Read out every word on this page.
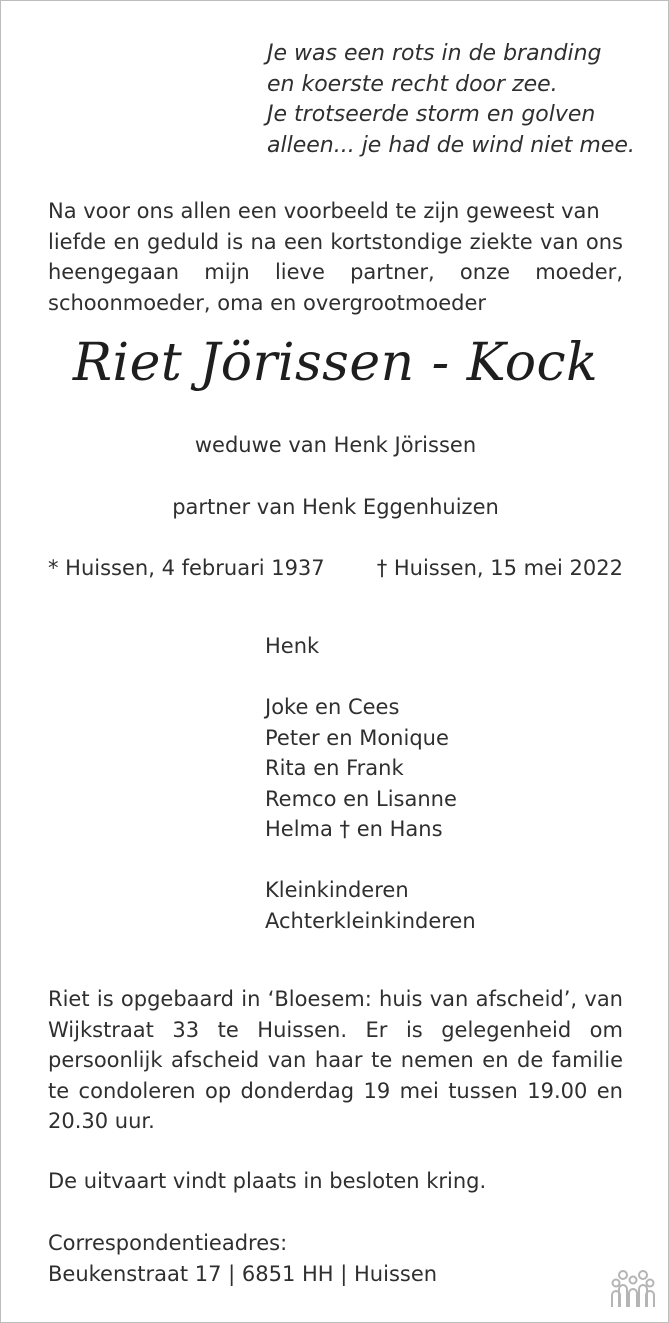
Je was een rots in de branding
en koerste recht door zee.
Je trotseerde storm en golven
alleen... je had de wind niet mee.
Na voor ons allen een voorbeeld te zijn geweest van
liefde en geduld is na een kortstondige ziekte van ons
heengegaan mijn lieve partner, onze moeder,
schoonmoeder, oma en overgrootmoeder
Riet Jörissen - Kock
weduwe van Henk Jörissen
partner van Henk Eggenhuizen
* Huissen, 4 februari 1937 † Huissen, 15 mei 2022
Henk
Joke en Cees
Peter en Monique
Rita en Frank
Remco en Lisanne
Helma † en Hans
Kleinkinderen
Achterkleinkinderen
Riet is opgebaard in ‘Bloesem: huis van afscheid’, van
Wijkstraat 33 te Huissen. Er is gelegenheid om
persoonlijk afscheid van haar te nemen en de familie
te condoleren op donderdag 19 mei tussen 19.00 en
20.30 uur.
De uitvaart vindt plaats in besloten kring.
Correspondentieadres:
Beukenstraat 17 | 6851 HH | Huissen
